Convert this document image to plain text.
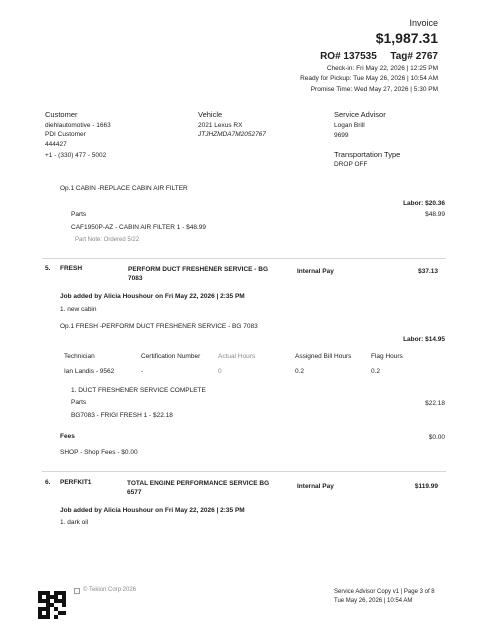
Invoice
$1,987.31
RO# 137535 Tag# 2767
Check-in: Fri May 22, 2026 | 12:25 PM
Ready for Pickup: Tue May 26, 2026 | 10:54 AM
Promise Time: Wed May 27, 2026 | 5:30 PM
Customer
diehlautomotive - 1663
PDI Customer
444427
+1 - (330) 477 - 5002
Vehicle
2021 Lexus RX
JTJHZMDA7M2052767
Service Advisor
Logan Brill
9699
Transportation Type
DROP OFF
Op.1 CABIN -REPLACE CABIN AIR FILTER
Labor: $20.36
Parts	$48.99
CAF1950P-AZ - CABIN AIR FILTER 1 - $48.99
Part Note: Ordered 5/22
5. FRESH	PERFORM DUCT FRESHENER SERVICE - BG 7083
Internal Pay	$37.13
Job added by Alicia Houshour on Fri May 22, 2026 | 2:35 PM
1. new cabin
Op.1 FRESH -PERFORM DUCT FRESHENER SERVICE - BG 7083
Labor: $14.95
Technician	Certification Number	Actual Hours	Assigned Bill Hours	Flag Hours
Ian Landis - 9562	-	0	0.2	0.2
1. DUCT FRESHENER SERVICE COMPLETE
Parts	$22.18
BG7083 - FRIGI FRESH 1 - $22.18
Fees	$0.00
SHOP - Shop Fees - $0.00
6. PERFKIT1	TOTAL ENGINE PERFORMANCE SERVICE BG 6577
Internal Pay	$119.99
Job added by Alicia Houshour on Fri May 22, 2026 | 2:35 PM
1. dark oil
© Tekion Corp 2026	Service Advisor Copy v1 | Page 3 of 8
Tue May 26, 2026 | 10:54 AM
